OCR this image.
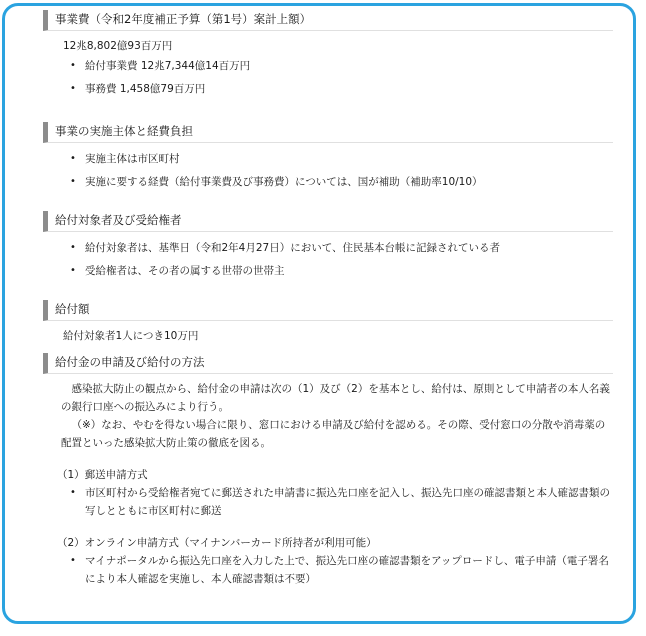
事業費（令和2年度補正予算（第1号）案計上額）
12兆8,802億93百万円
• 給付事業費 12兆7,344億14百万円
• 事務費 1,458億79百万円
事業の実施主体と経費負担
• 実施主体は市区町村
• 実施に要する経費（給付事業費及び事務費）については、国が補助（補助率10/10）
給付対象者及び受給権者
• 給付対象者は、基準日（令和2年4月27日）において、住民基本台帳に記録されている者
• 受給権者は、その者の属する世帯の世帯主
給付額
給付対象者1人につき10万円
給付金の申請及び給付の方法
感染拡大防止の観点から、給付金の申請は次の（1）及び（2）を基本とし、給付は、原則として申請者の本人名義の銀行口座への振込みにより行う。
（※）なお、やむを得ない場合に限り、窓口における申請及び給付を認める。その際、受付窓口の分散や消毒薬の配置といった感染拡大防止策の徹底を図る。
（1）郵送申請方式
• 市区町村から受給権者宛てに郵送された申請書に振込先口座を記入し、振込先口座の確認書類と本人確認書類の写しとともに市区町村に郵送
（2）オンライン申請方式（マイナンバーカード所持者が利用可能）
• マイナポータルから振込先口座を入力した上で、振込先口座の確認書類をアップロードし、電子申請（電子署名により本人確認を実施し、本人確認書類は不要）
